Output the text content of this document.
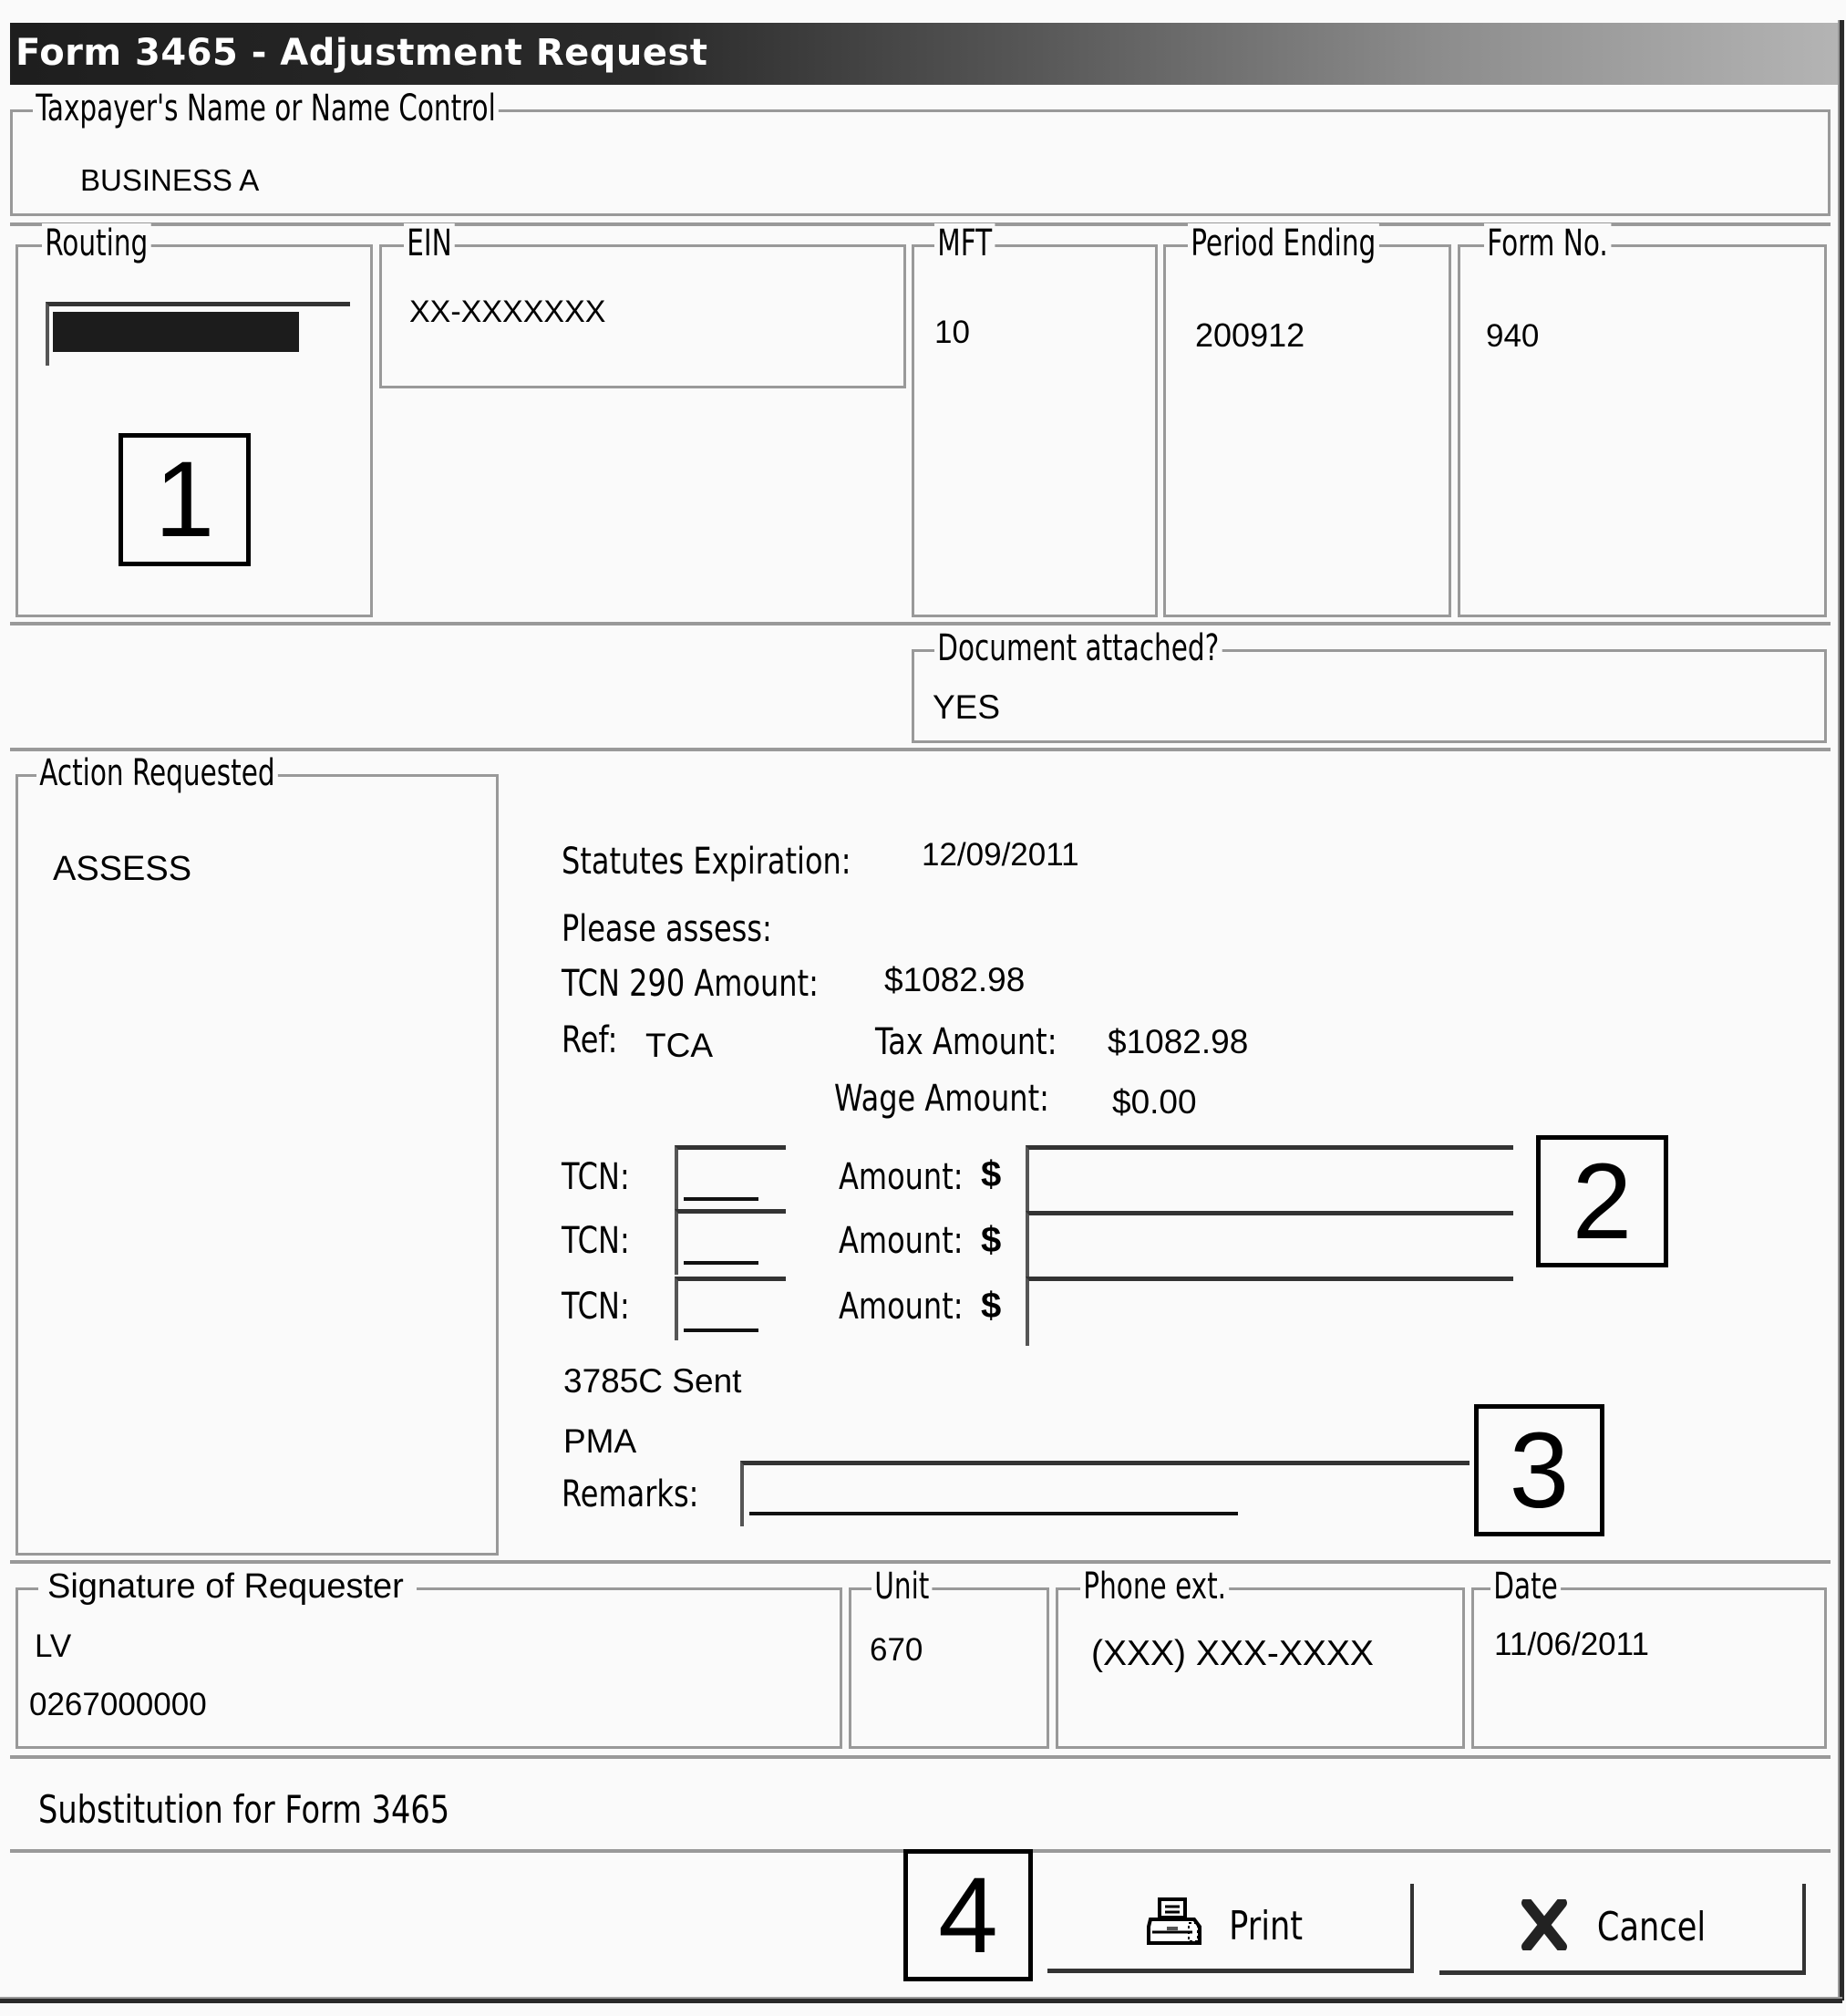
Form 3465 - Adjustment Request
Taxpayer's Name or Name Control
BUSINESS A
Routing
1
EIN
XX-XXXXXXX
MFT
10
Period Ending
200912
Form No.
940
Document attached?
YES
Action Requested
ASSESS	Statutes Expiration: 12/09/2011
Please assess:
TCN 290 Amount: $1082.98
Ref: TCA	Tax Amount: $1082.98
Wage Amount: $0.00
TCN:	Amount: $
TCN:	Amount: $
TCN:	Amount: $
2
3785C Sent
PMA
Remarks:	3
Signature of Requester
LV
0267000000
Unit
670
Phone ext.
(XXX) XXX-XXXX
Date
11/06/2011
Substitution for Form 3465
4	Print	Cancel
